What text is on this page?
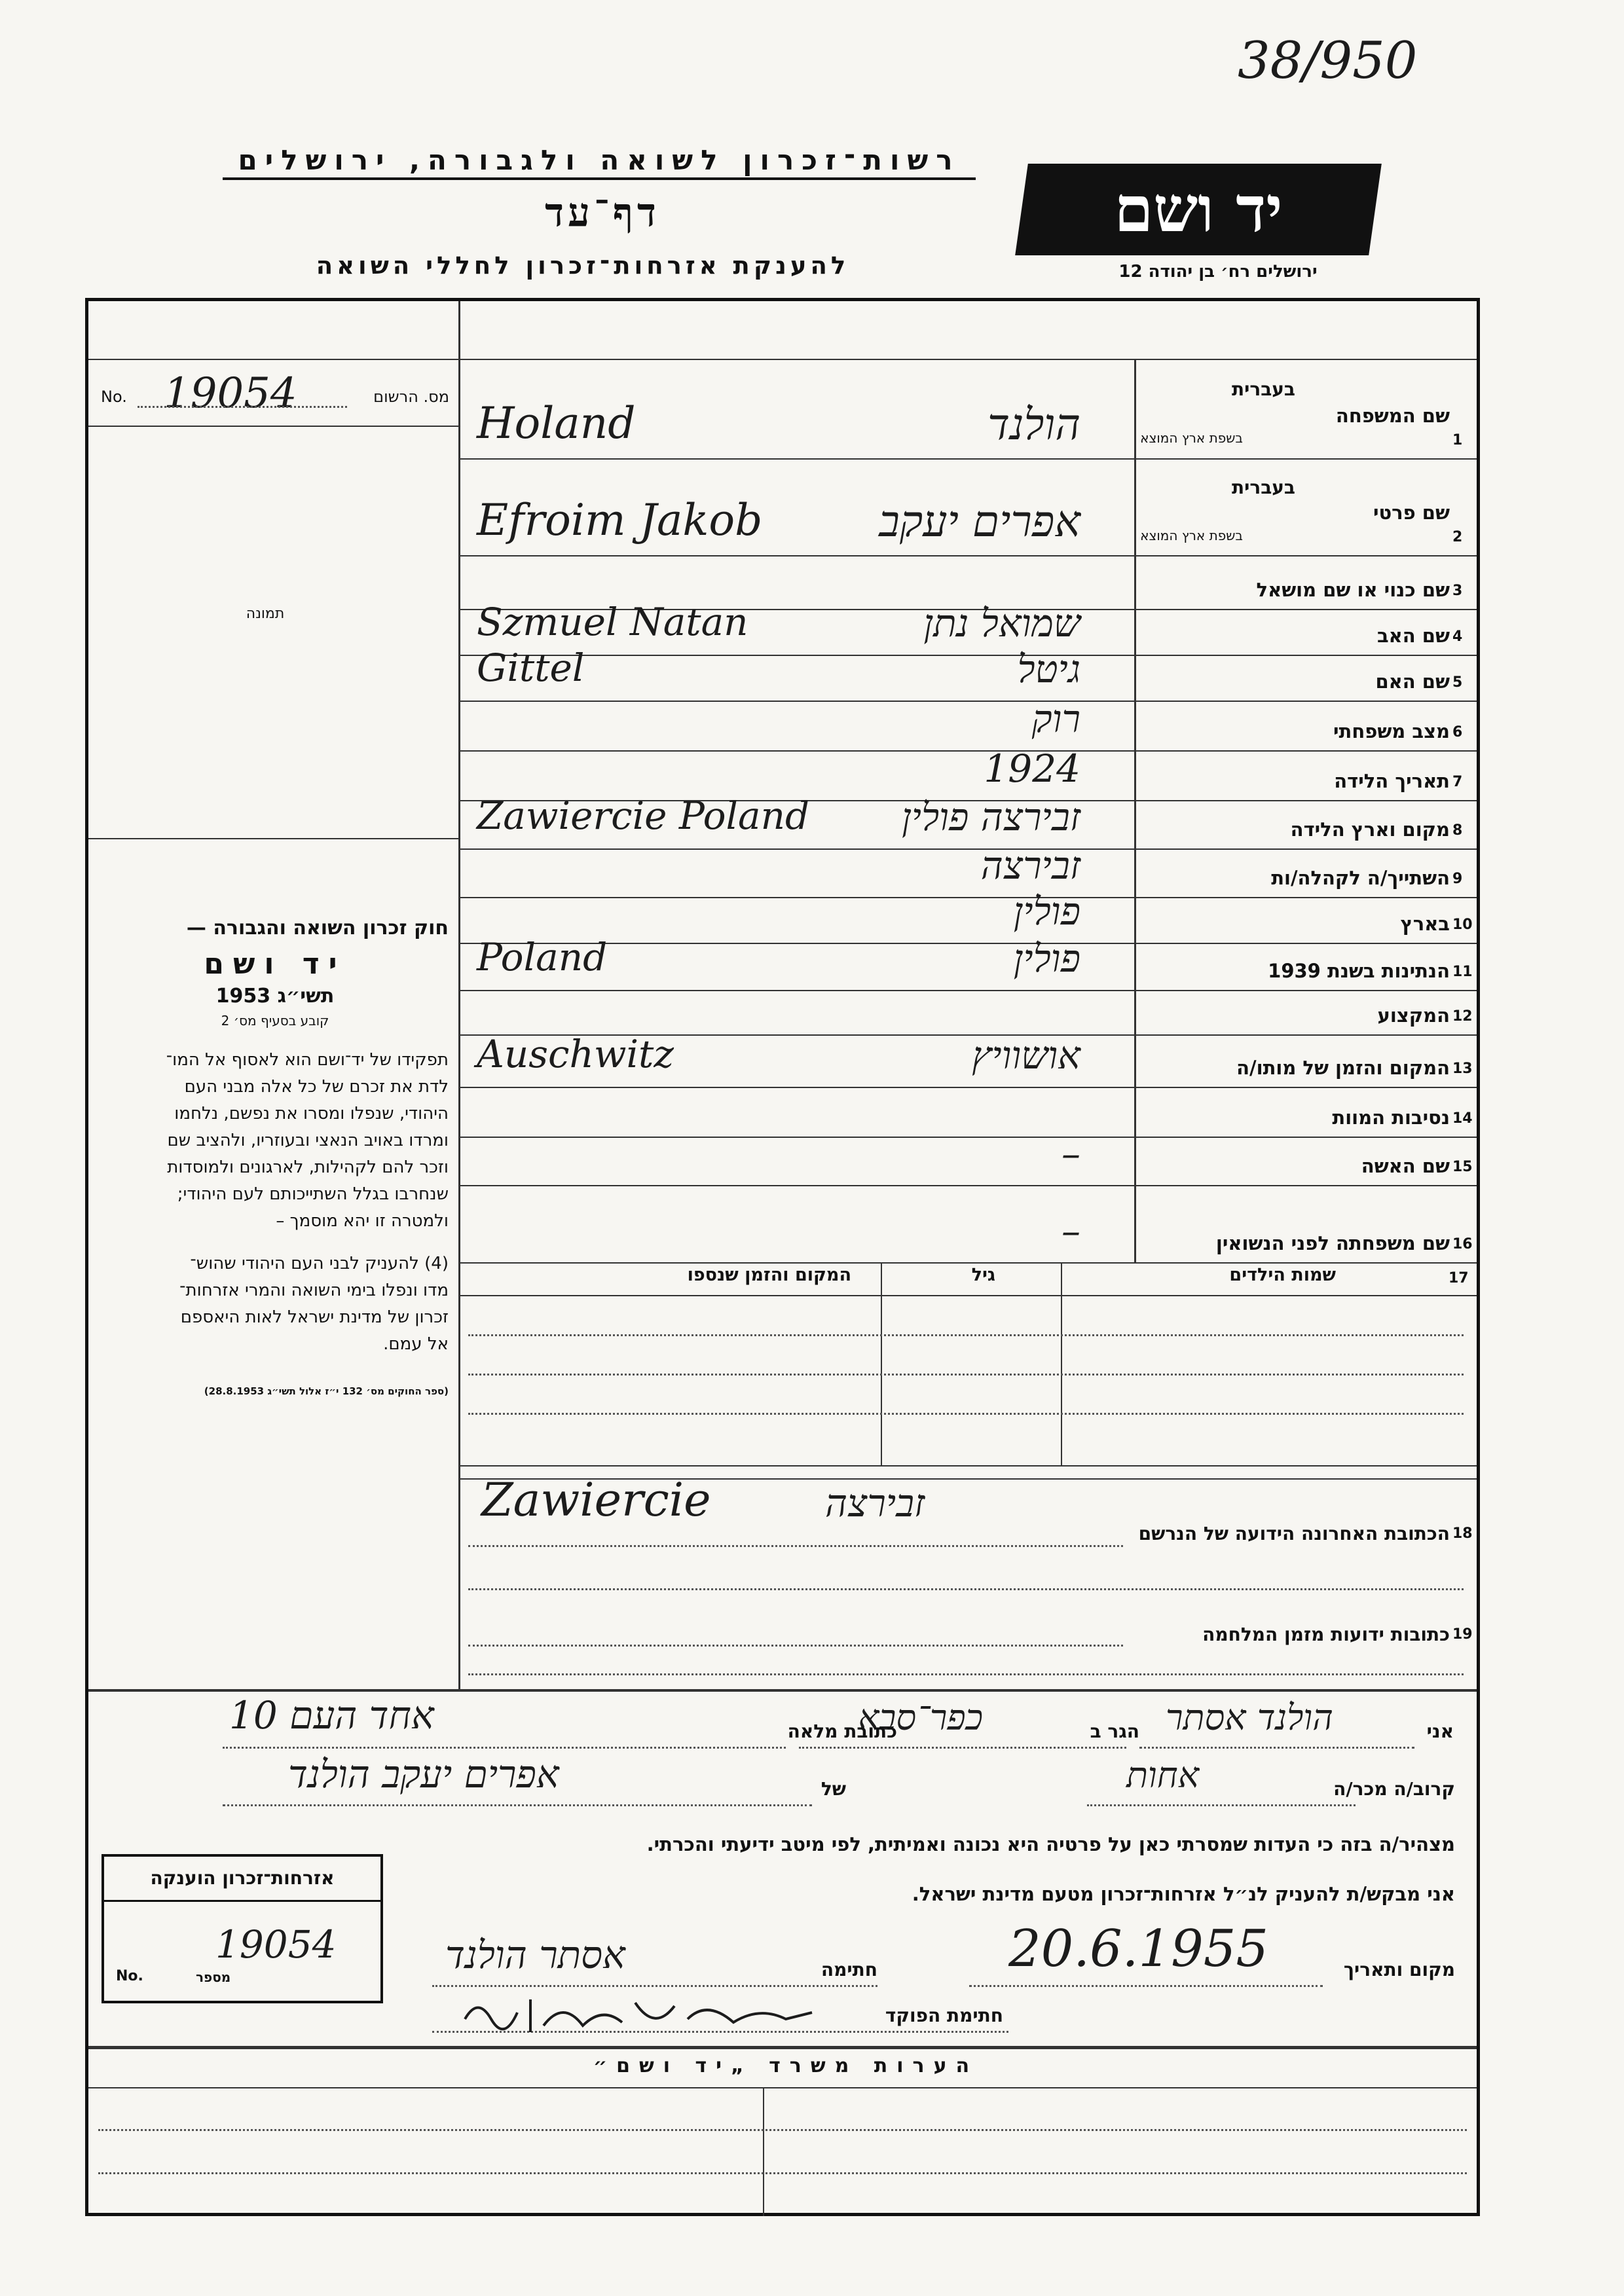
38/950
רשות־זכרון לשואה ולגבורה, ירושלים
דף־עד
להענקת אזרחות־זכרון לחללי השואה
יד ושם
ירושלים רח׳ בן יהודה 12
No. 19054	מס. הרשום
תמונה

חוק זכרון השואה והגבורה —

יד ושם

תשי״ג 1953

קובע בסעיף מס׳ 2

תפקידו של יד־ושם הוא לאסוף אל המו־

לדת את זכרם של כל אלה מבני העם

היהודי, שנפלו ומסרו את נפשם, נלחמו

ומרדו באויב הנאצי ובעוזריו, ולהציב שם

וזכר להם לקהילות, לארגונים ולמוסדות

שנחרבו בגלל השתייכותם לעם היהודי;

ולמטרה זו יהא מוסמך –

(4) להעניק לבני העם היהודי שהוש־

מדו ונפלו בימי השואה והמרי אזרחות־

זכרון של מדינת ישראל לאות היאספם

אל עמם.

(ספר החוקים מס׳ 132 י״ז אלול תשי״ג 28.8.1953)

1
שם המשפחה
Holand	הולנד
2
שם פרטי
Efroim Jakob	אפרים יעקב
3
שם כנוי או שם מושאל
4
שם האב
Szmuel Natan	שמואל נתן
5
שם האם
Gittel	גיטל
6
מצב משפחתי
רוק
7
תאריך הלידה
1924
8
מקום וארץ הלידה
Zawiercie Poland זבירצה פולין
9
השתייך/ה לקהלה/ות
זבירצה
10
בארץ
פולין
11
הנתינות בשנת 1939
Poland	פולין
12
המקצוע
13
המקום והזמן של מותו/ה
Auschwitz	אושוויץ
14
נסיבות המוות
15
שם האשה
–
16
שם משפחתה לפני הנשואין
–
בעברית
בשפת ארץ המוצא
בעברית
בשפת ארץ המוצא
17
שמות הילדים
גיל
המקום והזמן שנספו
18
הכתובת האחרונה הידועה של הנרשם
Zawiercie	זבירצה
19
כתובות ידועות מזמן המלחמה
אני
הולנד אסתר
הגר ב
כפר־סבא
כתובת מלאה
אחד העם 10
קרוב/ה מכר/ה
אחות
של
אפרים יעקב הולנד
מצהיר/ה בזה כי העדות שמסרתי כאן על פרטיה היא נכונה ואמיתית, לפי מיטב ידיעתי והכרתי.
אני מבקש/ת להעניק לנ״ל אזרחות־זכרון מטעם מדינת ישראל.
מקום ותאריך
20.6.1955
חתימה
אסתר הולנד
חתימת הפוקד
אזרחות־זכרון הוענקה
No.	מספר
19054
הערות משרד „יד ושם״
